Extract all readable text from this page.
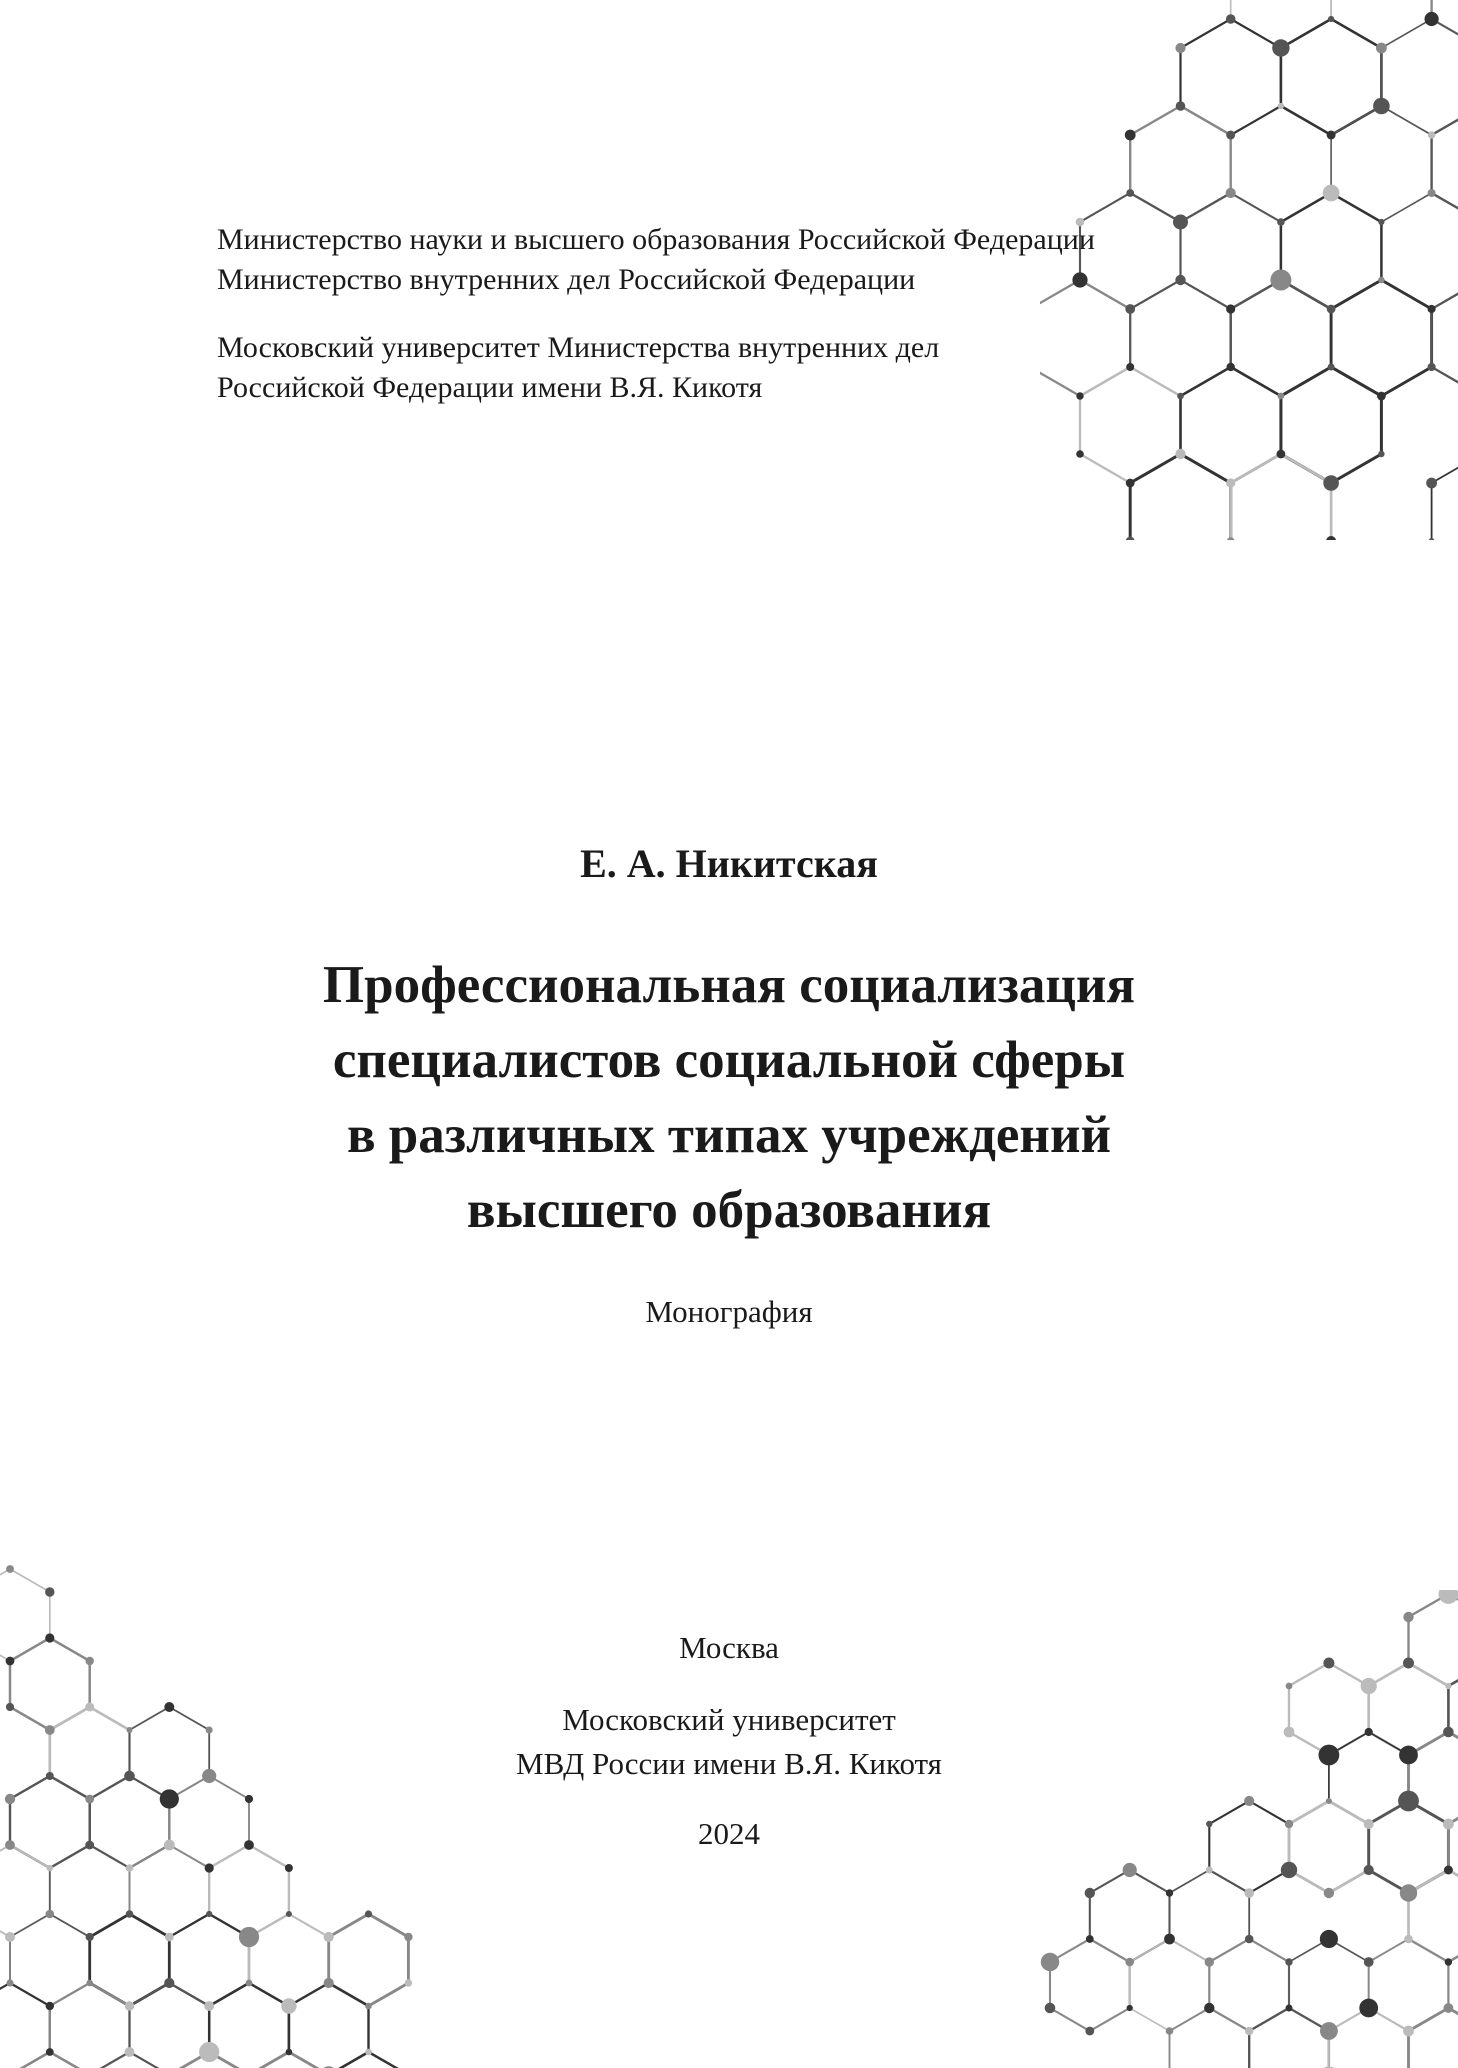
Министерство науки и высшего образования Российской Федерации
Министерство внутренних дел Российской Федерации
Московский университет Министерства внутренних дел
Российской Федерации имени В.Я. Кикотя
Е. А. Никитская
Профессиональная социализация
специалистов социальной сферы
в различных типах учреждений
высшего образования
Монография
Москва
Московский университет
МВД России имени В.Я. Кикотя
2024
